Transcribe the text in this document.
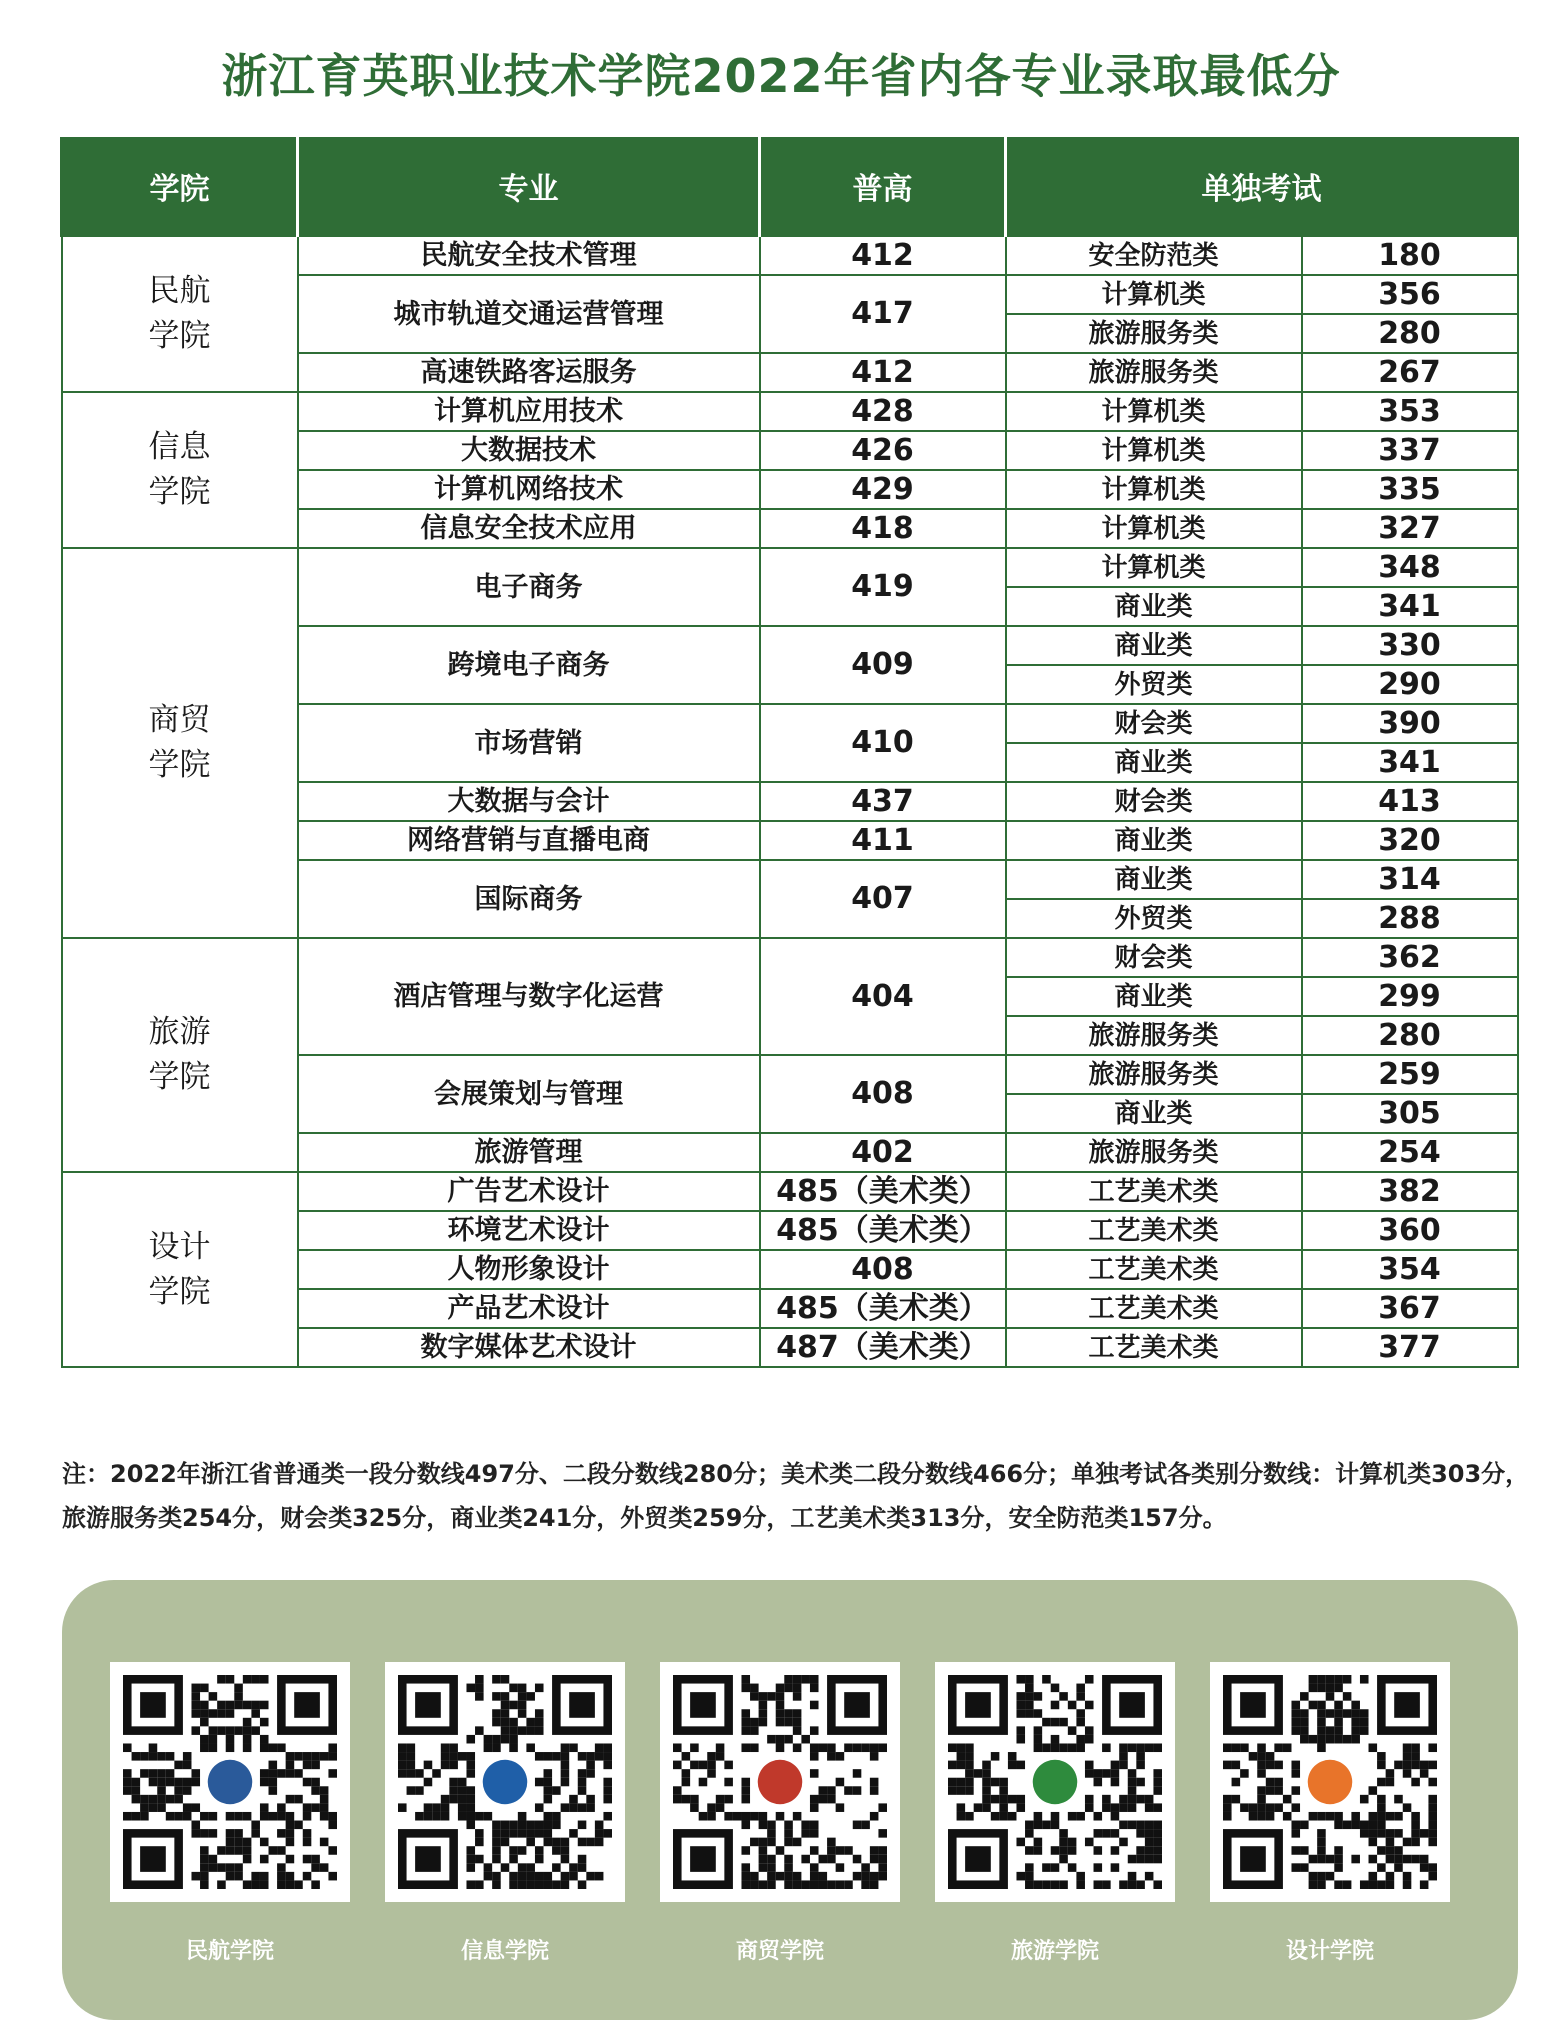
浙江育英职业技术学院2022年省内各专业录取最低分
学院	专业	普高	单独考试	
民航
学院	民航安全技术管理	412	安全防范类	180
	城市轨道交通运营管理	417	计算机类	356
			旅游服务类	280
	高速铁路客运服务	412	旅游服务类	267
信息
学院	计算机应用技术	428	计算机类	353
	大数据技术	426	计算机类	337
	计算机网络技术	429	计算机类	335
	信息安全技术应用	418	计算机类	327
商贸
学院	电子商务	419	计算机类	348
			商业类	341
	跨境电子商务	409	商业类	330
			外贸类	290
	市场营销	410	财会类	390
			商业类	341
	大数据与会计	437	财会类	413
	网络营销与直播电商	411	商业类	320
	国际商务	407	商业类	314
			外贸类	288
旅游
学院	酒店管理与数字化运营	404	财会类	362
			商业类	299
			旅游服务类	280
	会展策划与管理	408	旅游服务类	259
			商业类	305
	旅游管理	402	旅游服务类	254
设计
学院	广告艺术设计	485（美术类）	工艺美术类	382
	环境艺术设计	485（美术类）	工艺美术类	360
	人物形象设计	408	工艺美术类	354
	产品艺术设计	485（美术类）	工艺美术类	367
	数字媒体艺术设计	487（美术类）	工艺美术类	377
注：2022年浙江省普通类一段分数线497分、二段分数线280分；美术类二段分数线466分；单独考试各类别分数线：计算机类303分，
旅游服务类254分，财会类325分，商业类241分，外贸类259分，工艺美术类313分，安全防范类157分。
民航学院	信息学院	商贸学院	旅游学院	设计学院
